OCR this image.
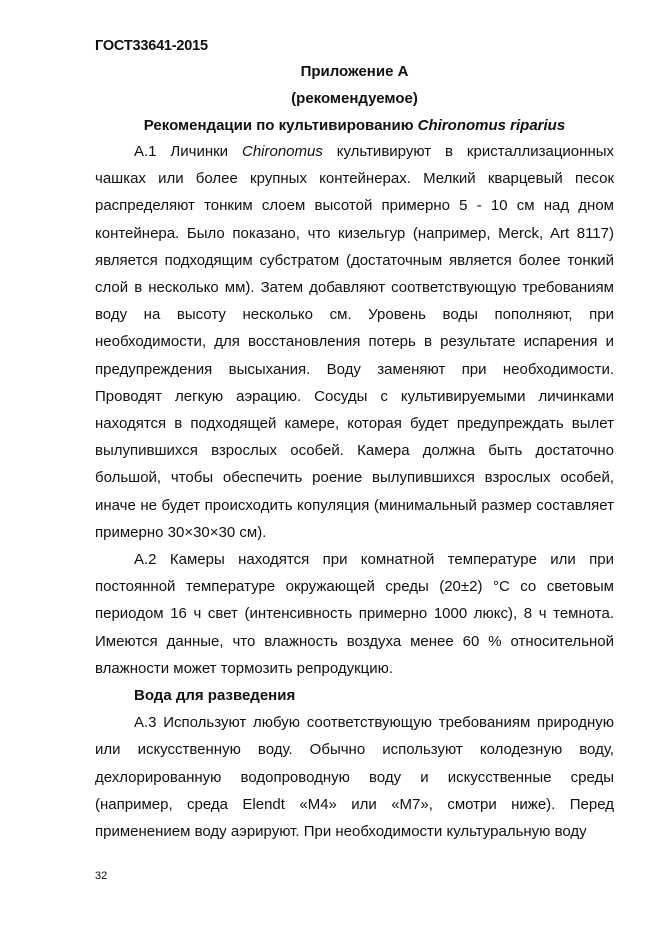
ГОСТ33641-2015

Приложение А

(рекомендуемое)

Рекомендации по культивированию Chironomus riparius

А.1 Личинки Chironomus культивируют в кристаллизационных чашках или более крупных контейнерах. Мелкий кварцевый песок распределяют тонким слоем высотой примерно 5 - 10 см над дном контейнера. Было показано, что кизельгур (например, Merck, Art 8117) является подходящим субстратом (достаточным является более тонкий слой в несколько мм). Затем добавляют соответствующую требованиям воду на высоту несколько см. Уровень воды пополняют, при необходимости, для восстановления потерь в результате испарения и предупреждения высыхания. Воду заменяют при необходимости. Проводят легкую аэрацию. Сосуды с культивируемыми личинками находятся в подходящей камере, которая будет предупреждать вылет вылупившихся взрослых особей. Камера должна быть достаточно большой, чтобы обеспечить роение вылупившихся взрослых особей, иначе не будет происходить копуляция (минимальный размер составляет примерно 30×30×30 см).

А.2 Камеры находятся при комнатной температуре или при постоянной температуре окружающей среды (20±2) °С со световым периодом 16 ч свет (интенсивность примерно 1000 люкс), 8 ч темнота. Имеются данные, что влажность воздуха менее 60 % относительной влажности может тормозить репродукцию.

Вода для разведения

А.3 Используют любую соответствующую требованиям природную или искусственную воду. Обычно используют колодезную воду, дехлорированную водопроводную воду и искусственные среды (например, среда Elendt «M4» или «M7», смотри ниже). Перед применением воду аэрируют. При необходимости культуральную воду

32
